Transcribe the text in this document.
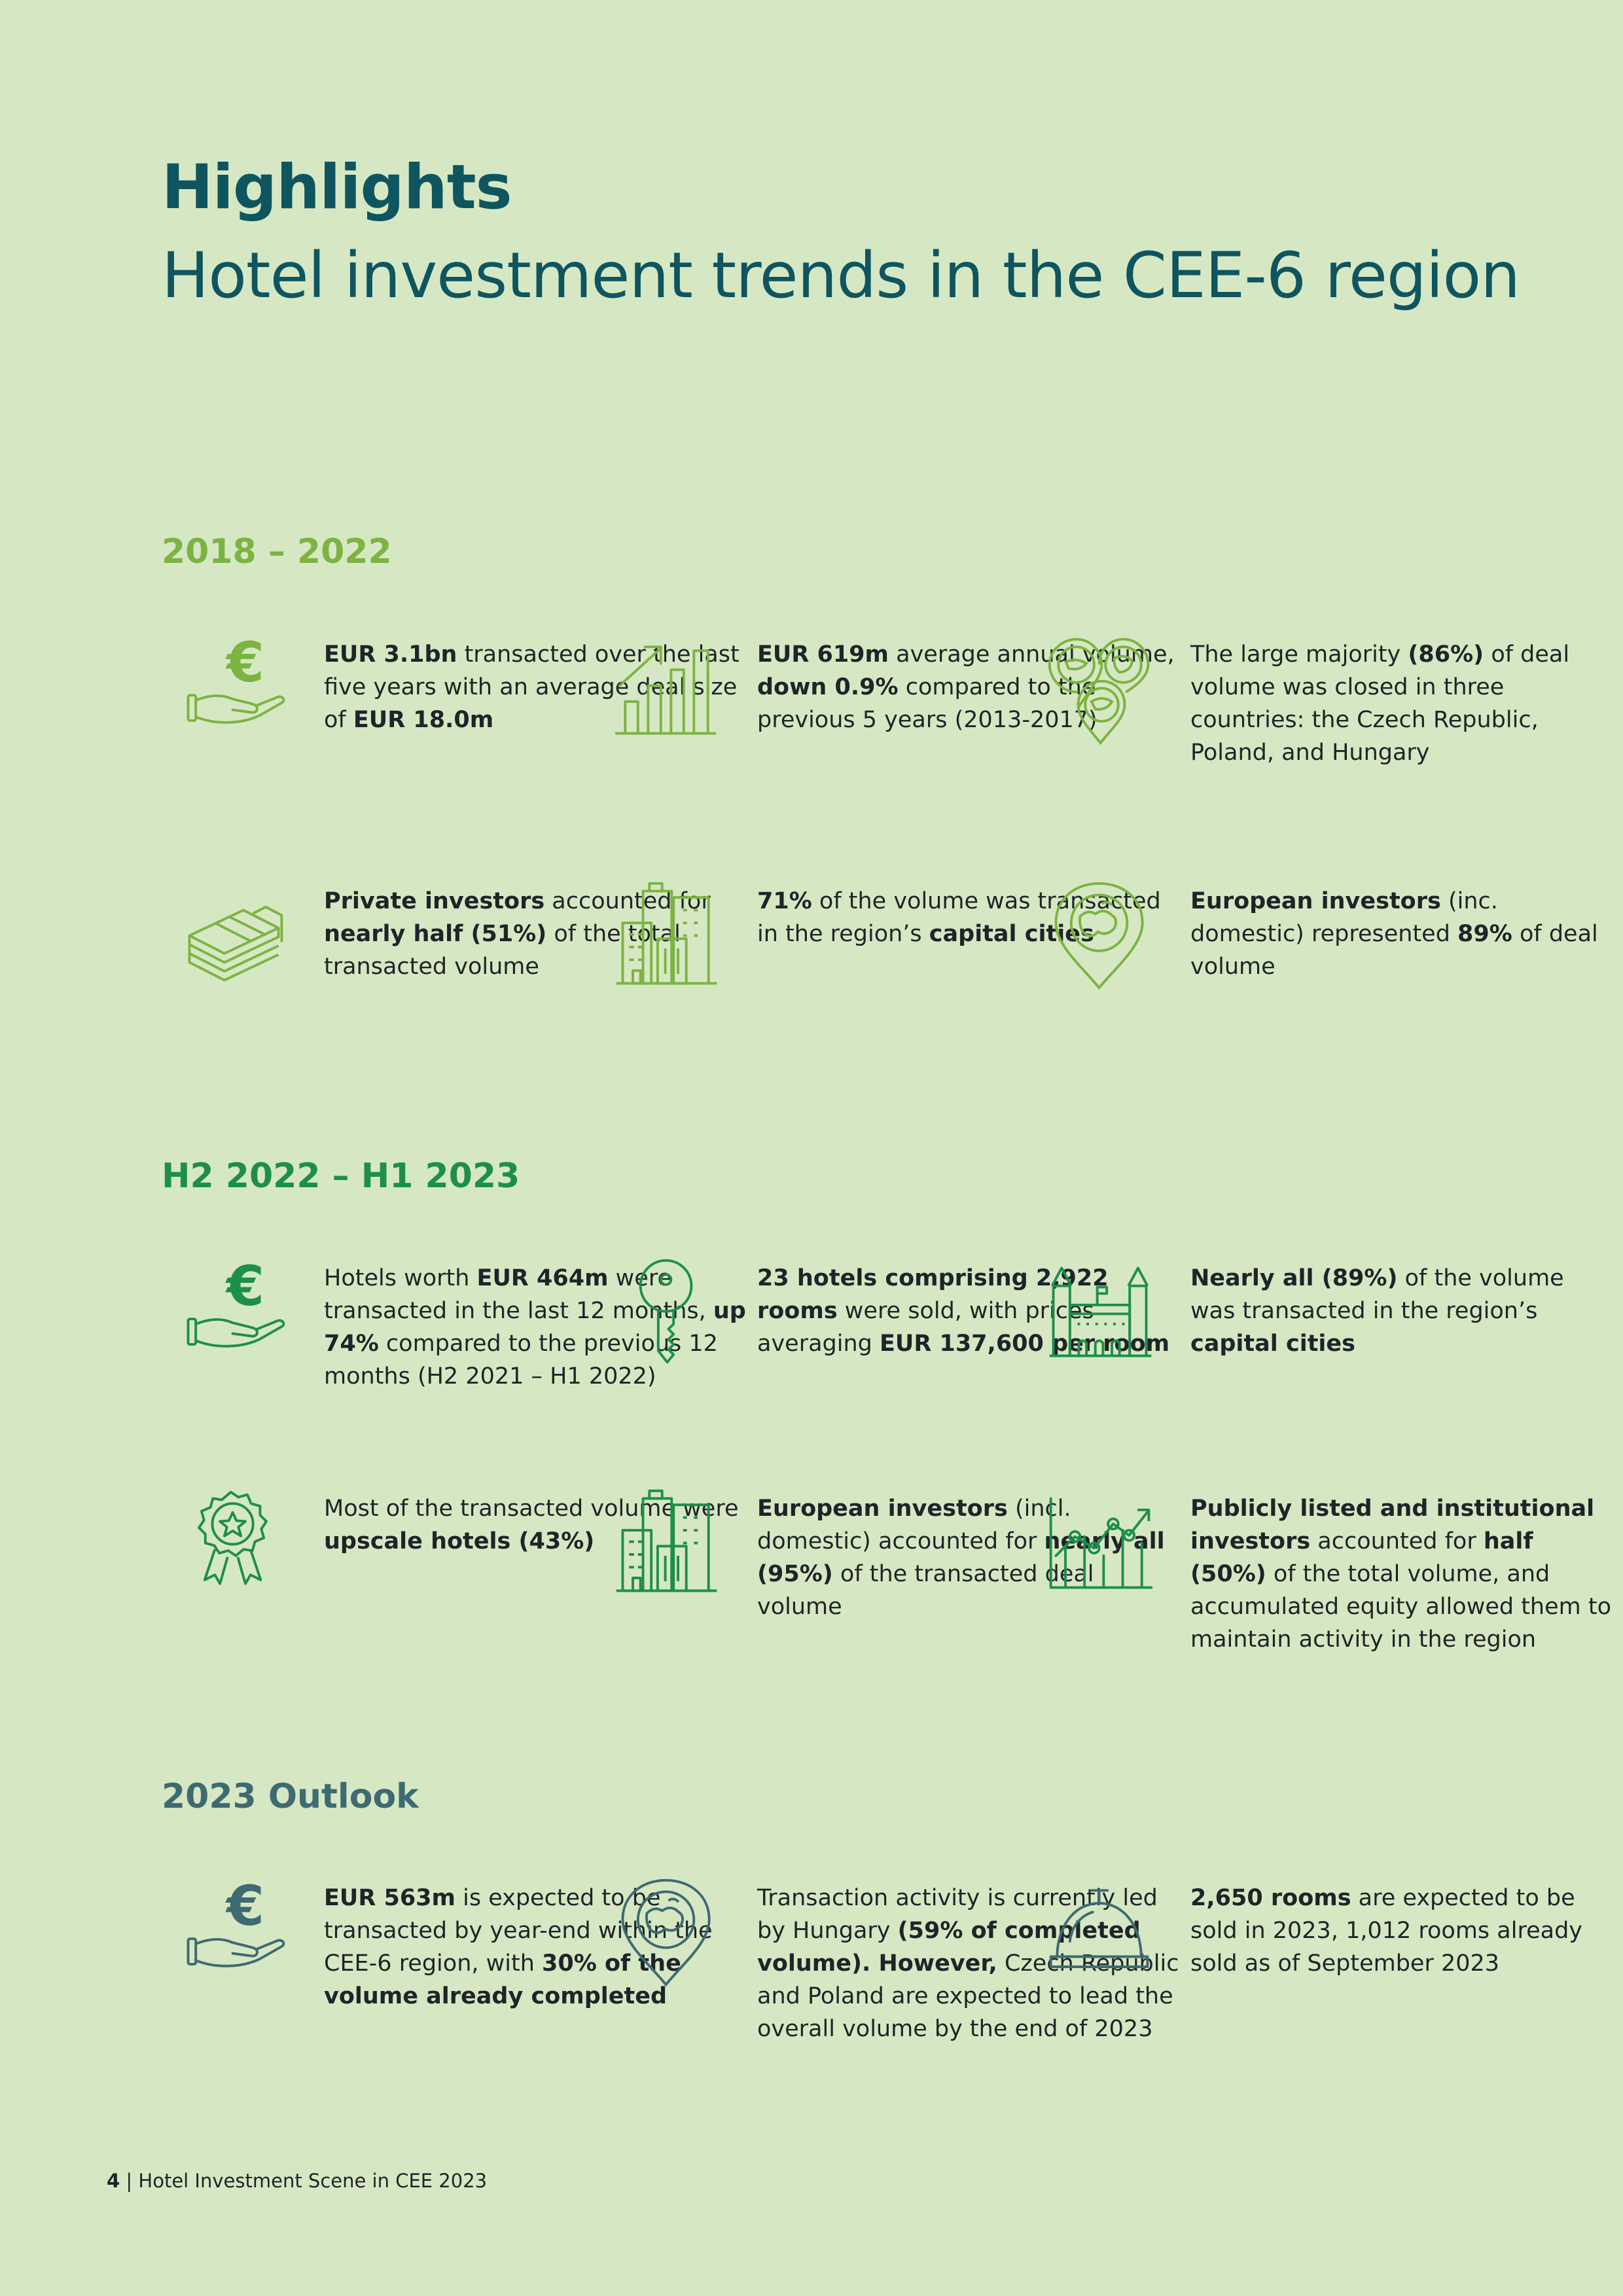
Highlights
Hotel investment trends in the CEE-6 region
2018 – 2022
H2 2022 – H1 2023
2023 Outlook
€	EUR 3.1bn transacted over the last five years with an average deal size of EUR 18.0m
EUR 619m average annual volume, down 0.9% compared to the previous 5 years (2013-2017)
The large majority (86%) of deal volume was closed in three countries: the Czech Republic, Poland, and Hungary
Private investors accounted for nearly half (51%) of the total transacted volume
71% of the volume was transacted in the region’s capital cities
European investors (inc. domestic) represented 89% of deal volume
€	Hotels worth EUR 464m were transacted in the last 12 months, up 74% compared to the previous 12 months (H2 2021 – H1 2022)
23 hotels comprising 2,922 rooms were sold, with prices averaging EUR 137,600 per room
Nearly all (89%) of the volume was transacted in the region’s capital cities
Most of the transacted volume were upscale hotels (43%)
European investors (incl. domestic) accounted for nearly all (95%) of the transacted deal volume
Publicly listed and institutional investors accounted for half (50%) of the total volume, and accumulated equity allowed them to maintain activity in the region
€	EUR 563m is expected to be transacted by year-end within the CEE-6 region, with 30% of the volume already completed
Transaction activity is currently led by Hungary (59% of completed volume). However, Czech Republic and Poland are expected to lead the overall volume by the end of 2023
2,650 rooms are expected to be sold in 2023, 1,012 rooms already sold as of September 2023
4 | Hotel Investment Scene in CEE 2023
